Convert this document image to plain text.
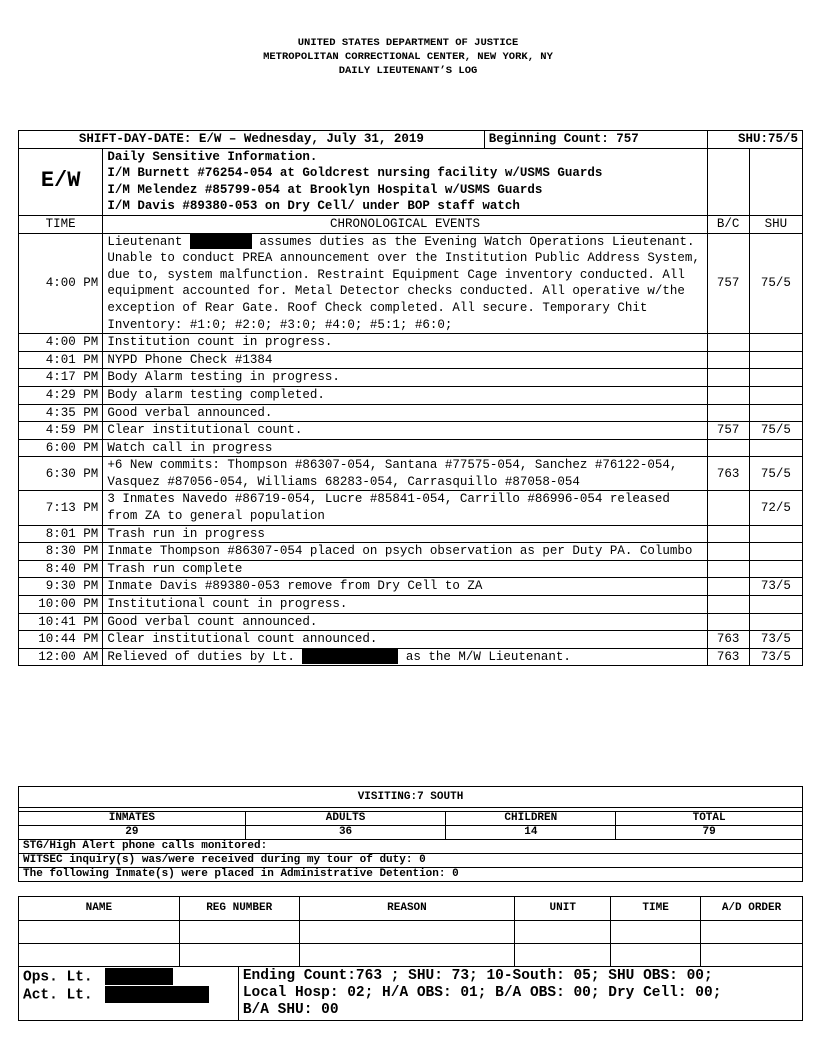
UNITED STATES DEPARTMENT OF JUSTICE
METROPOLITAN CORRECTIONAL CENTER, NEW YORK, NY
DAILY LIEUTENANT’S LOG
SHIFT-DAY-DATE: E/W – Wednesday, July 31, 2019		Beginning Count: 757	SHU:75/5	
E/W	Daily Sensitive Information.
I/M Burnett #76254-054 at Goldcrest nursing facility w/USMS Guards
I/M Melendez #85799-054 at Brooklyn Hospital w/USMS Guards
I/M Davis #89380-053 on Dry Cell/ under BOP staff watch			

TIME	CHRONOLOGICAL EVENTS		B/C	SHU
4:00 PM	Lieutenant assumes duties as the Evening Watch Operations Lieutenant. Unable to conduct PREA announcement over the Institution Public Address System, due to, system malfunction. Restraint Equipment Cage inventory conducted. All equipment accounted for. Metal Detector checks conducted. All operative w/the exception of Rear Gate. Roof Check completed. All secure. Temporary Chit Inventory: #1:0; #2:0; #3:0; #4:0; #5:1; #6:0;		757	75/5
4:00 PM	Institution count in progress.			
4:01 PM	NYPD Phone Check #1384			
4:17 PM	Body Alarm testing in progress.			
4:29 PM	Body alarm testing completed.			
4:35 PM	Good verbal announced.			
4:59 PM	Clear institutional count.		757	75/5
6:00 PM	Watch call in progress			
6:30 PM	+6 New commits: Thompson #86307-054, Santana #77575-054, Sanchez #76122-054, Vasquez #87056-054, Williams 68283-054, Carrasquillo #87058-054		763	75/5
7:13 PM	3 Inmates Navedo #86719-054, Lucre #85841-054, Carrillo #86996-054 released from ZA to general population			72/5
8:01 PM	Trash run in progress			
8:30 PM	Inmate Thompson #86307-054 placed on psych observation as per Duty PA. Columbo			
8:40 PM	Trash run complete			
9:30 PM	Inmate Davis #89380-053 remove from Dry Cell to ZA			73/5
10:00 PM	Institutional count in progress.			
10:41 PM	Good verbal count announced.			
10:44 PM	Clear institutional count announced.		763	73/5
12:00 AM	Relieved of duties by Lt. as the M/W Lieutenant.		763	73/5
VISITING:7 SOUTH			

INMATES	ADULTS	CHILDREN	TOTAL
29	36	14	79
STG/High Alert phone calls monitored:			
WITSEC inquiry(s) was/were received during my tour of duty: 0			
The following Inmate(s) were placed in Administrative Detention: 0			
NAME	REG NUMBER	REASON	UNIT	TIME	A/D ORDER

Ops. Lt.
Act. Lt.

Ending Count:763 ; SHU: 73; 10-South: 05; SHU OBS: 00;
Local Hosp: 02; H/A OBS: 01; B/A OBS: 00; Dry Cell: 00;
B/A SHU: 00
